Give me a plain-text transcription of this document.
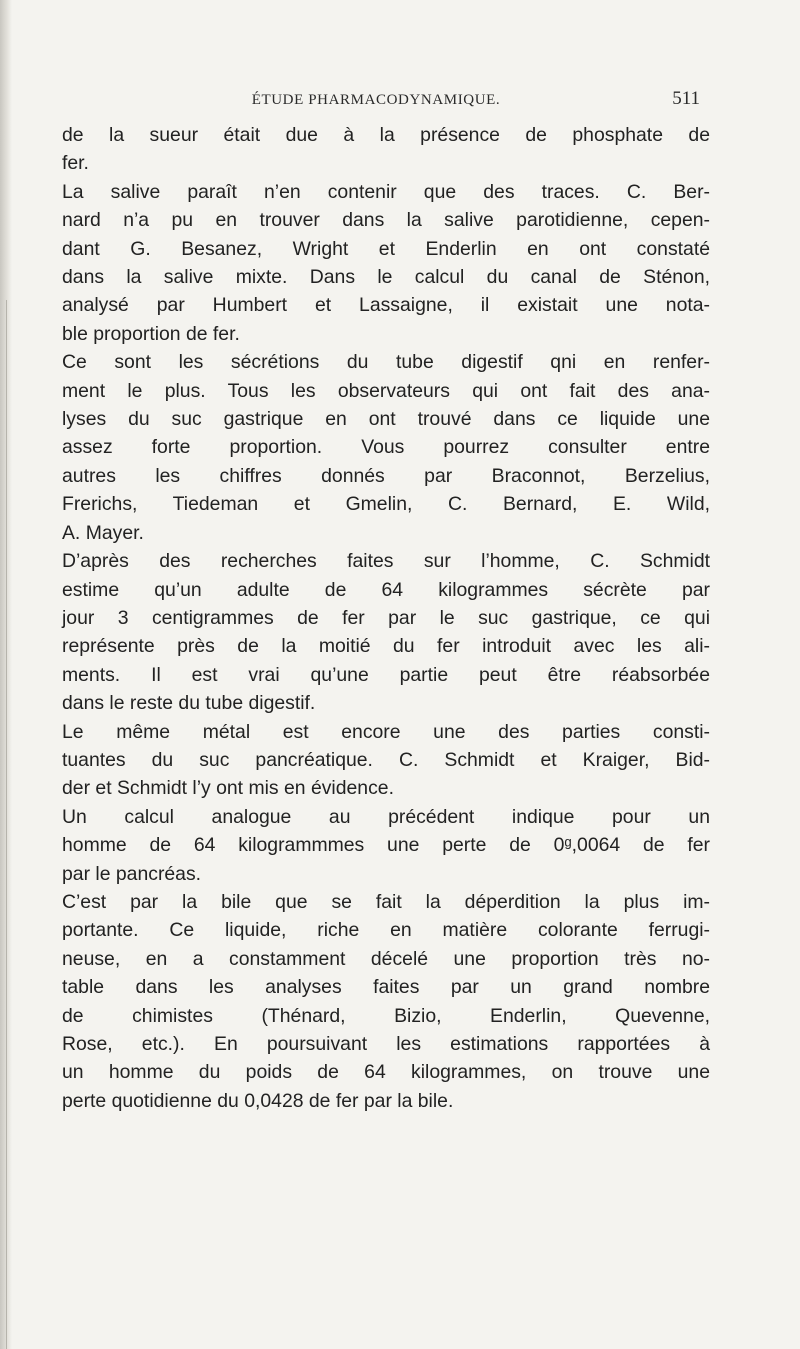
ÉTUDE PHARMACODYNAMIQUE.	511
de la sueur était due à la présence de phosphate de
fer.
La salive paraît n’en contenir que des traces. C. Ber-
nard n’a pu en trouver dans la salive parotidienne, cepen-
dant G. Besanez, Wright et Enderlin en ont constaté
dans la salive mixte. Dans le calcul du canal de Sténon,
analysé par Humbert et Lassaigne, il existait une nota-
ble proportion de fer.
Ce sont les sécrétions du tube digestif qni en renfer-
ment le plus. Tous les observateurs qui ont fait des ana-
lyses du suc gastrique en ont trouvé dans ce liquide une
assez forte proportion. Vous pourrez consulter entre
autres les chiffres donnés par Braconnot, Berzelius,
Frerichs, Tiedeman et Gmelin, C. Bernard, E. Wild,
A. Mayer.
D’après des recherches faites sur l’homme, C. Schmidt
estime qu’un adulte de 64 kilogrammes sécrète par
jour 3 centigrammes de fer par le suc gastrique, ce qui
représente près de la moitié du fer introduit avec les ali-
ments. Il est vrai qu’une partie peut être réabsorbée
dans le reste du tube digestif.
Le même métal est encore une des parties consti-
tuantes du suc pancréatique. C. Schmidt et Kraiger, Bid-
der et Schmidt l’y ont mis en évidence.
Un calcul analogue au précédent indique pour un
homme de 64 kilogrammmes une perte de 0ᵍ,0064 de fer
par le pancréas.
C’est par la bile que se fait la déperdition la plus im-
portante. Ce liquide, riche en matière colorante ferrugi-
neuse, en a constamment décelé une proportion très no-
table dans les analyses faites par un grand nombre
de chimistes (Thénard, Bizio, Enderlin, Quevenne,
Rose, etc.). En poursuivant les estimations rapportées à
un homme du poids de 64 kilogrammes, on trouve une
perte quotidienne du 0,0428 de fer par la bile.
